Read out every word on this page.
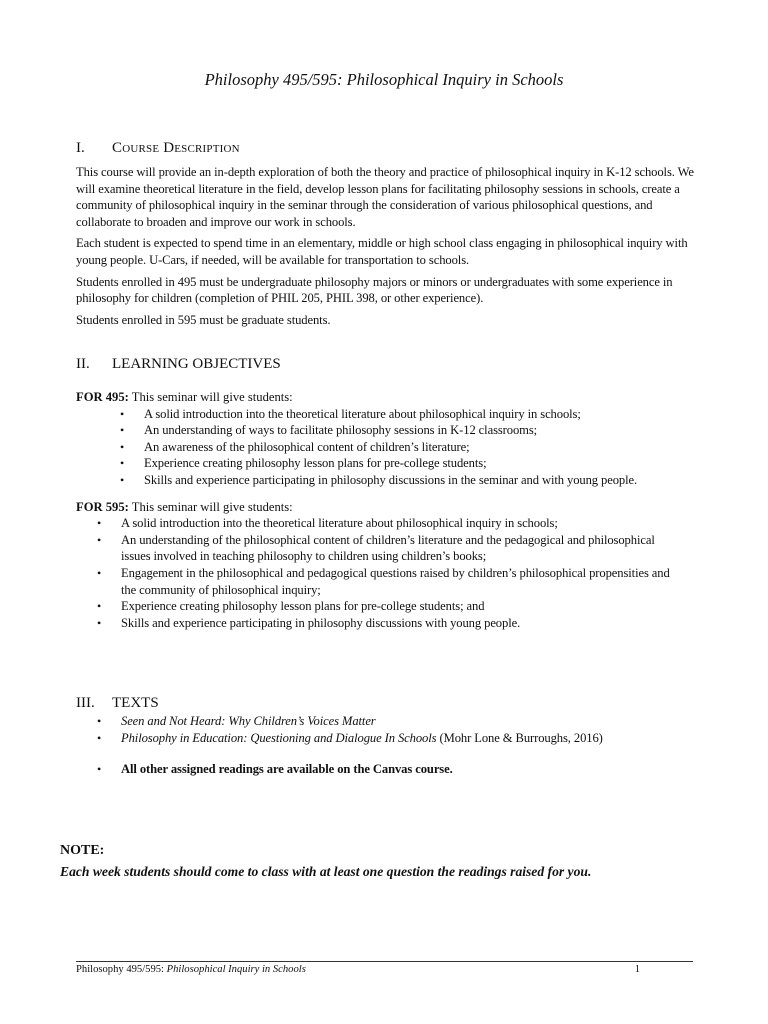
Philosophy 495/595: Philosophical Inquiry in Schools
I.	Course Description

This course will provide an in-depth exploration of both the theory and practice of philosophical inquiry in K-12 schools. We will examine theoretical literature in the field, develop lesson plans for facilitating philosophy sessions in schools, create a community of philosophical inquiry in the seminar through the consideration of various philosophical questions, and collaborate to broaden and improve our work in schools.

Each student is expected to spend time in an elementary, middle or high school class engaging in philosophical inquiry with young people. U-Cars, if needed, will be available for transportation to schools.

Students enrolled in 495 must be undergraduate philosophy majors or minors or undergraduates with some experience in philosophy for children (completion of PHIL 205, PHIL 398, or other experience).

Students enrolled in 595 must be graduate students.

II.	LEARNING OBJECTIVES

FOR 495: This seminar will give students:

• A solid introduction into the theoretical literature about philosophical inquiry in schools;
• An understanding of ways to facilitate philosophy sessions in K-12 classrooms;
• An awareness of the philosophical content of children’s literature;
• Experience creating philosophy lesson plans for pre-college students;
• Skills and experience participating in philosophy discussions in the seminar and with young people.

FOR 595: This seminar will give students:

• A solid introduction into the theoretical literature about philosophical inquiry in schools;
• An understanding of the philosophical content of children’s literature and the pedagogical and philosophical issues involved in teaching philosophy to children using children’s books;
• Engagement in the philosophical and pedagogical questions raised by children’s philosophical propensities and the community of philosophical inquiry;
• Experience creating philosophy lesson plans for pre-college students; and
• Skills and experience participating in philosophy discussions with young people.
III.	TEXTS
• Seen and Not Heard: Why Children’s Voices Matter
• Philosophy in Education: Questioning and Dialogue In Schools (Mohr Lone & Burroughs, 2016)
• All other assigned readings are available on the Canvas course.

NOTE:

Each week students should come to class with at least one question the readings raised for you.

Philosophy 495/595: Philosophical Inquiry in Schools	1
